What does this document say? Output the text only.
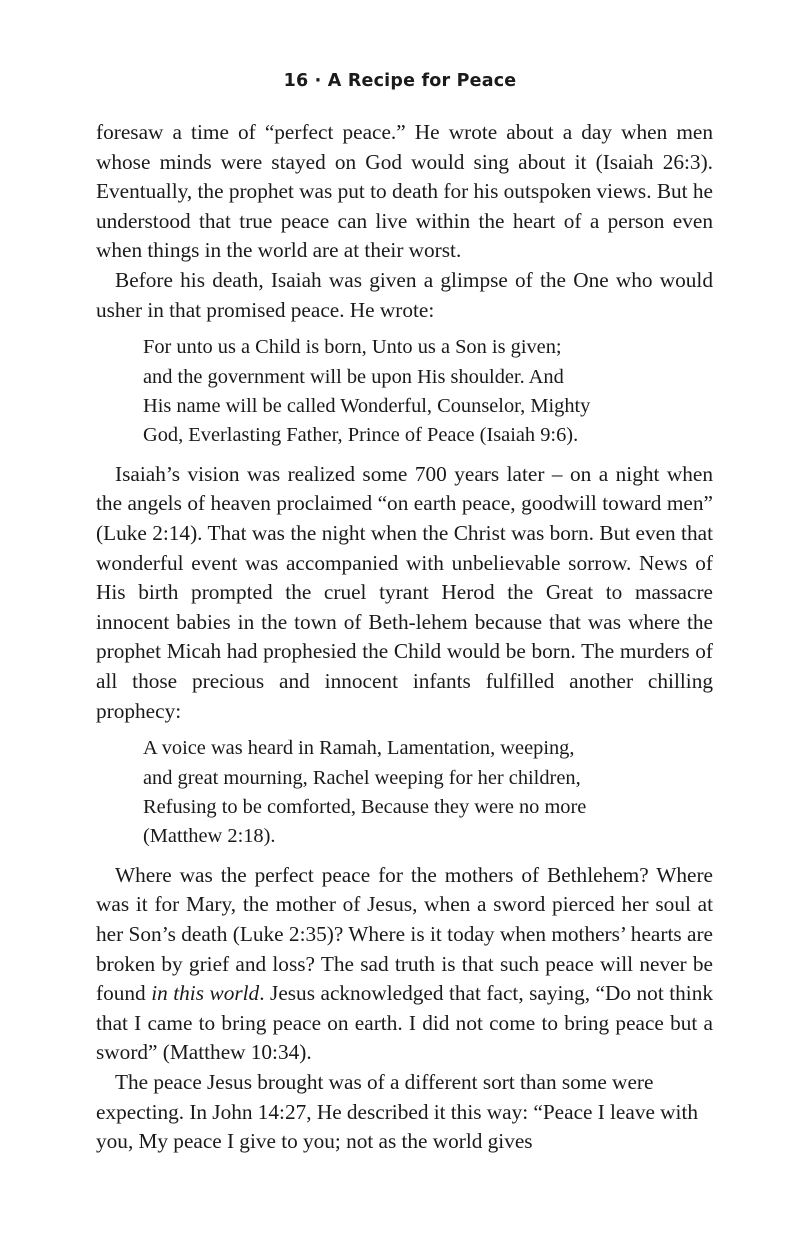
16 · A Recipe for Peace

foresaw a time of “perfect peace.” He wrote about a day when men whose minds were stayed on God would sing about it (Isaiah 26:3). Eventually, the prophet was put to death for his outspoken views. But he understood that true peace can live within the heart of a person even when things in the world are at their worst.

Before his death, Isaiah was given a glimpse of the One who would usher in that promised peace. He wrote:

For unto us a Child is born, Unto us a Son is given;
and the government will be upon His shoulder. And
His name will be called Wonderful, Counselor, Mighty
God, Everlasting Father, Prince of Peace (Isaiah 9:6).

Isaiah’s vision was realized some 700 years later – on a night when the angels of heaven proclaimed “on earth peace, goodwill toward men” (Luke 2:14). That was the night when the Christ was born. But even that wonderful event was accompanied with unbelievable sorrow. News of His birth prompted the cruel tyrant Herod the Great to massacre innocent babies in the town of Beth-lehem because that was where the prophet Micah had prophesied the Child would be born. The murders of all those precious and innocent infants fulfilled another chilling prophecy:

A voice was heard in Ramah, Lamentation, weeping,
and great mourning, Rachel weeping for her children,
Refusing to be comforted, Because they were no more
(Matthew 2:18).

Where was the perfect peace for the mothers of Bethlehem? Where was it for Mary, the mother of Jesus, when a sword pierced her soul at her Son’s death (Luke 2:35)? Where is it today when mothers’ hearts are broken by grief and loss? The sad truth is that such peace will never be found in this world. Jesus acknowledged that fact, saying, “Do not think that I came to bring peace on earth. I did not come to bring peace but a sword” (Matthew 10:34).

The peace Jesus brought was of a different sort than some were expecting. In John 14:27, He described it this way: “Peace I leave with you, My peace I give to you; not as the world gives
